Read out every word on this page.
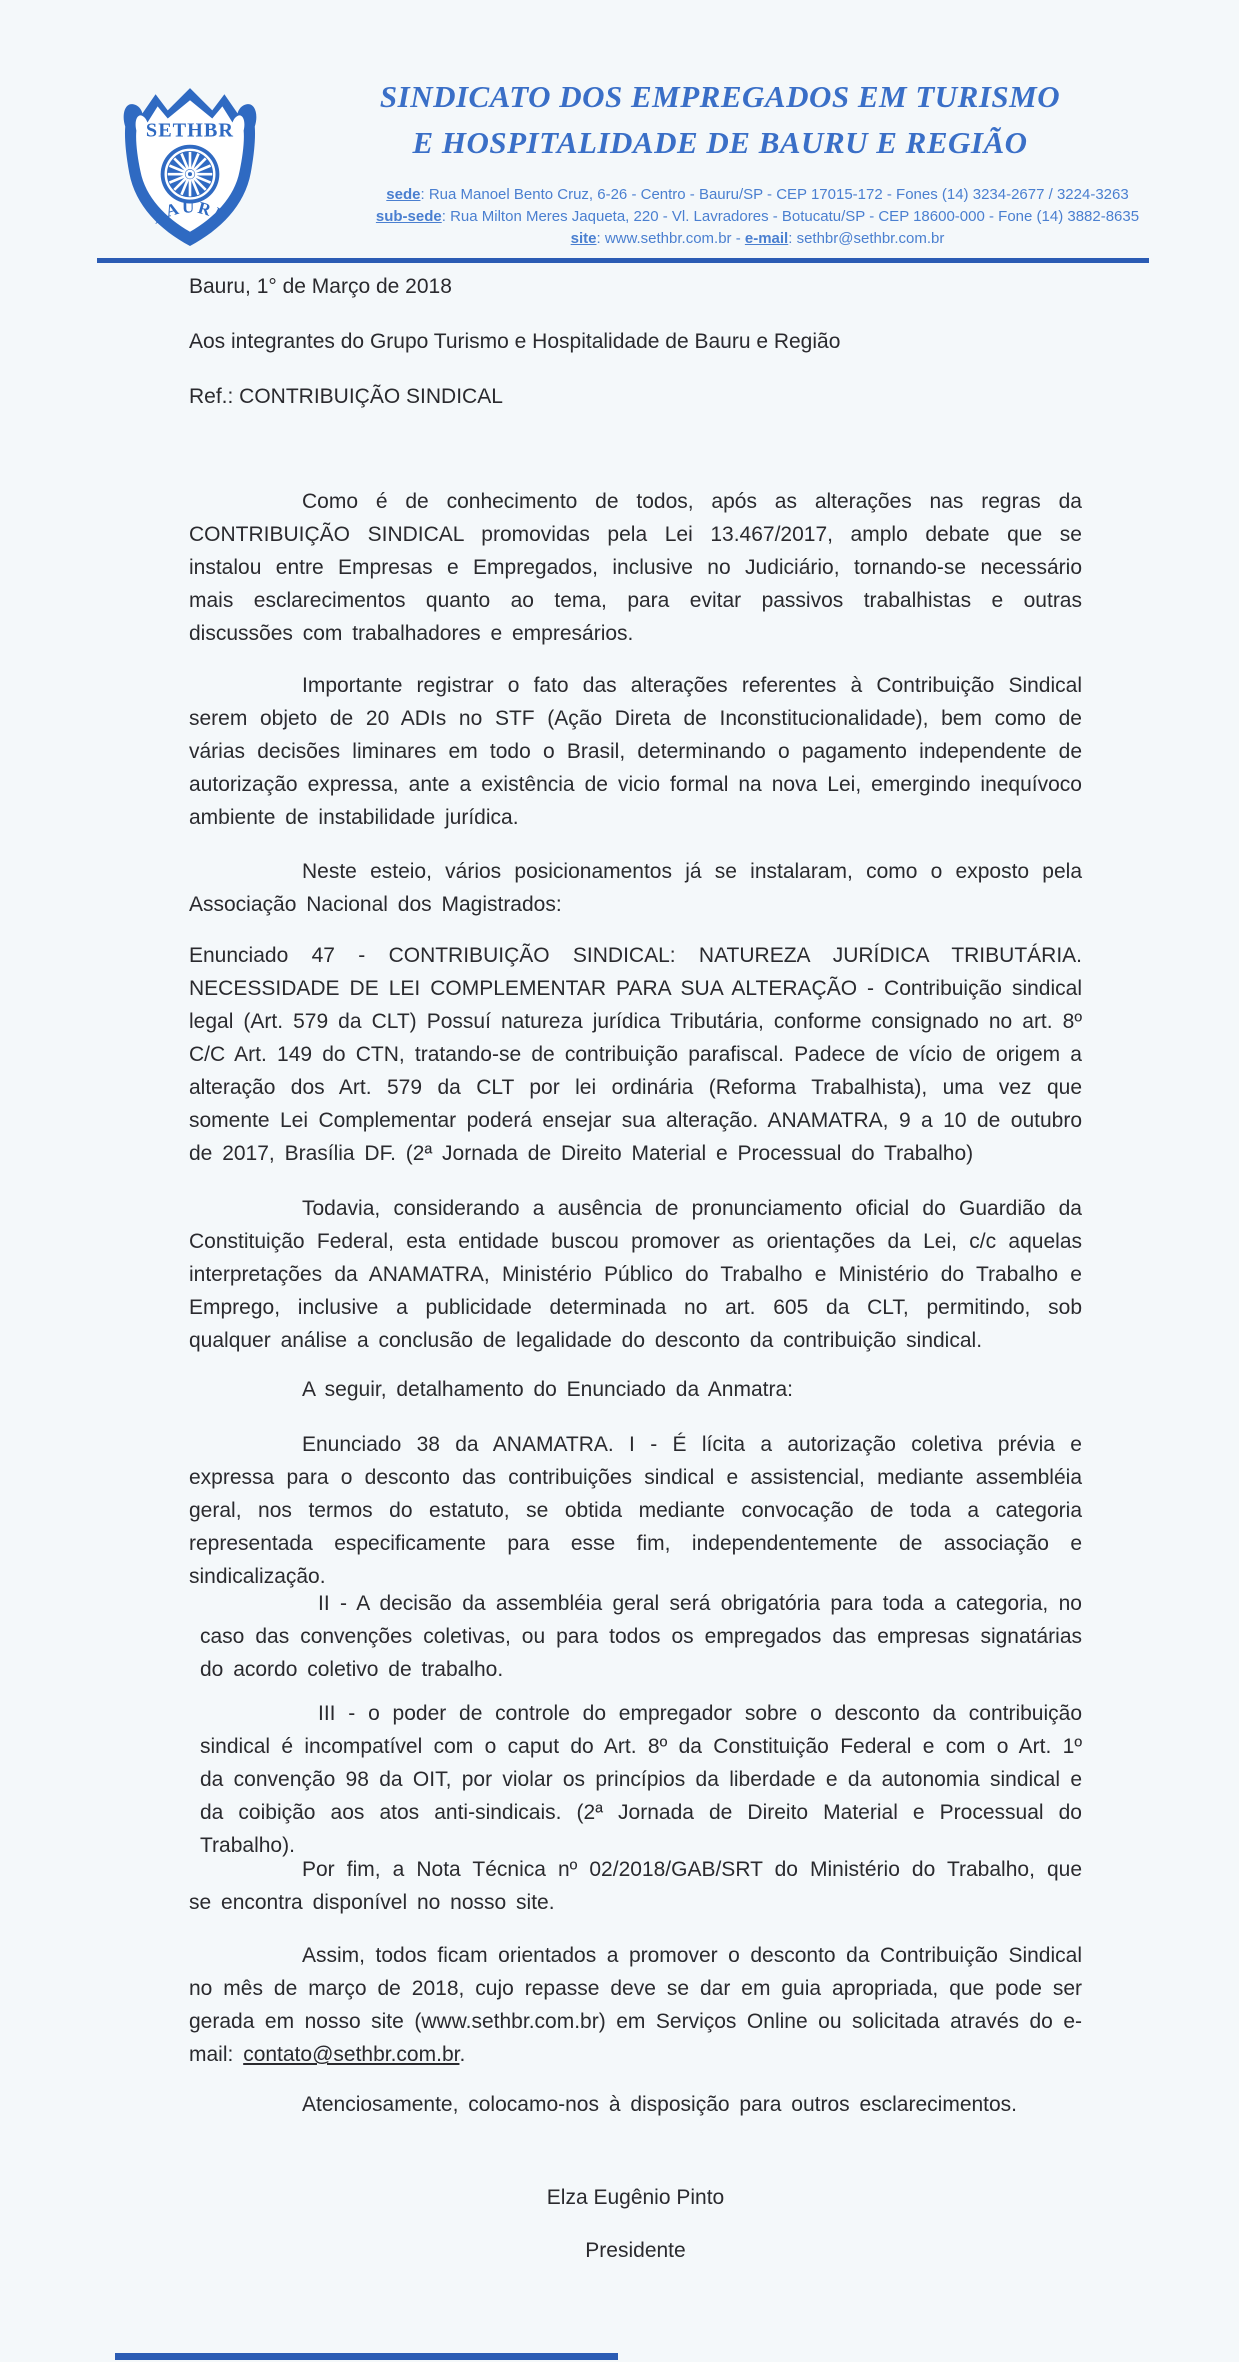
SETHBR
BAURU
SINDICATO DOS EMPREGADOS EM TURISMO
E HOSPITALIDADE DE BAURU E REGIÃO
sede: Rua Manoel Bento Cruz, 6-26 - Centro - Bauru/SP - CEP 17015-172 - Fones (14) 3234-2677 / 3224-3263
sub-sede: Rua Milton Meres Jaqueta, 220 - Vl. Lavradores - Botucatu/SP - CEP 18600-000 - Fone (14) 3882-8635
site: www.sethbr.com.br - e-mail: sethbr@sethbr.com.br

Bauru, 1° de Março de 2018

Aos integrantes do Grupo Turismo e Hospitalidade de Bauru e Região

Ref.: CONTRIBUIÇÃO SINDICAL

Como é de conhecimento de todos, após as alterações nas regras da CONTRIBUIÇÃO SINDICAL promovidas pela Lei 13.467/2017, amplo debate que se instalou entre Empresas e Empregados, inclusive no Judiciário, tornando-se necessário mais esclarecimentos quanto ao tema, para evitar passivos trabalhistas e outras discussões com trabalhadores e empresários.

Importante registrar o fato das alterações referentes à Contribuição Sindical serem objeto de 20 ADIs no STF (Ação Direta de Inconstitucionalidade), bem como de várias decisões liminares em todo o Brasil, determinando o pagamento independente de autorização expressa, ante a existência de vicio formal na nova Lei, emergindo inequívoco ambiente de instabilidade jurídica.

Neste esteio, vários posicionamentos já se instalaram, como o exposto pela Associação Nacional dos Magistrados:

Enunciado 47 - CONTRIBUIÇÃO SINDICAL: NATUREZA JURÍDICA TRIBUTÁRIA. NECESSIDADE DE LEI COMPLEMENTAR PARA SUA ALTERAÇÃO - Contribuição sindical legal (Art. 579 da CLT) Possuí natureza jurídica Tributária, conforme consignado no art. 8º C/C Art. 149 do CTN, tratando-se de contribuição parafiscal. Padece de vício de origem a alteração dos Art. 579 da CLT por lei ordinária (Reforma Trabalhista), uma vez que somente Lei Complementar poderá ensejar sua alteração. ANAMATRA, 9 a 10 de outubro de 2017, Brasília DF. (2ª Jornada de Direito Material e Processual do Trabalho)

Todavia, considerando a ausência de pronunciamento oficial do Guardião da Constituição Federal, esta entidade buscou promover as orientações da Lei, c/c aquelas interpretações da ANAMATRA, Ministério Público do Trabalho e Ministério do Trabalho e Emprego, inclusive a publicidade determinada no art. 605 da CLT, permitindo, sob qualquer análise a conclusão de legalidade do desconto da contribuição sindical.

A seguir, detalhamento do Enunciado da Anmatra:

Enunciado 38 da ANAMATRA. I - É lícita a autorização coletiva prévia e expressa para o desconto das contribuições sindical e assistencial, mediante assembléia geral, nos termos do estatuto, se obtida mediante convocação de toda a categoria representada especificamente para esse fim, independentemente de associação e sindicalização.

II - A decisão da assembléia geral será obrigatória para toda a categoria, no caso das convenções coletivas, ou para todos os empregados das empresas signatárias do acordo coletivo de trabalho.

III - o poder de controle do empregador sobre o desconto da contribuição sindical é incompatível com o caput do Art. 8º da Constituição Federal e com o Art. 1º da convenção 98 da OIT, por violar os princípios da liberdade e da autonomia sindical e da coibição aos atos anti-sindicais. (2ª Jornada de Direito Material e Processual do Trabalho).

Por fim, a Nota Técnica nº 02/2018/GAB/SRT do Ministério do Trabalho, que se encontra disponível no nosso site.

Assim, todos ficam orientados a promover o desconto da Contribuição Sindical no mês de março de 2018, cujo repasse deve se dar em guia apropriada, que pode ser gerada em nosso site (www.sethbr.com.br) em Serviços Online ou solicitada através do e-mail: contato@sethbr.com.br.

Atenciosamente, colocamo-nos à disposição para outros esclarecimentos.

Elza Eugênio Pinto

Presidente
